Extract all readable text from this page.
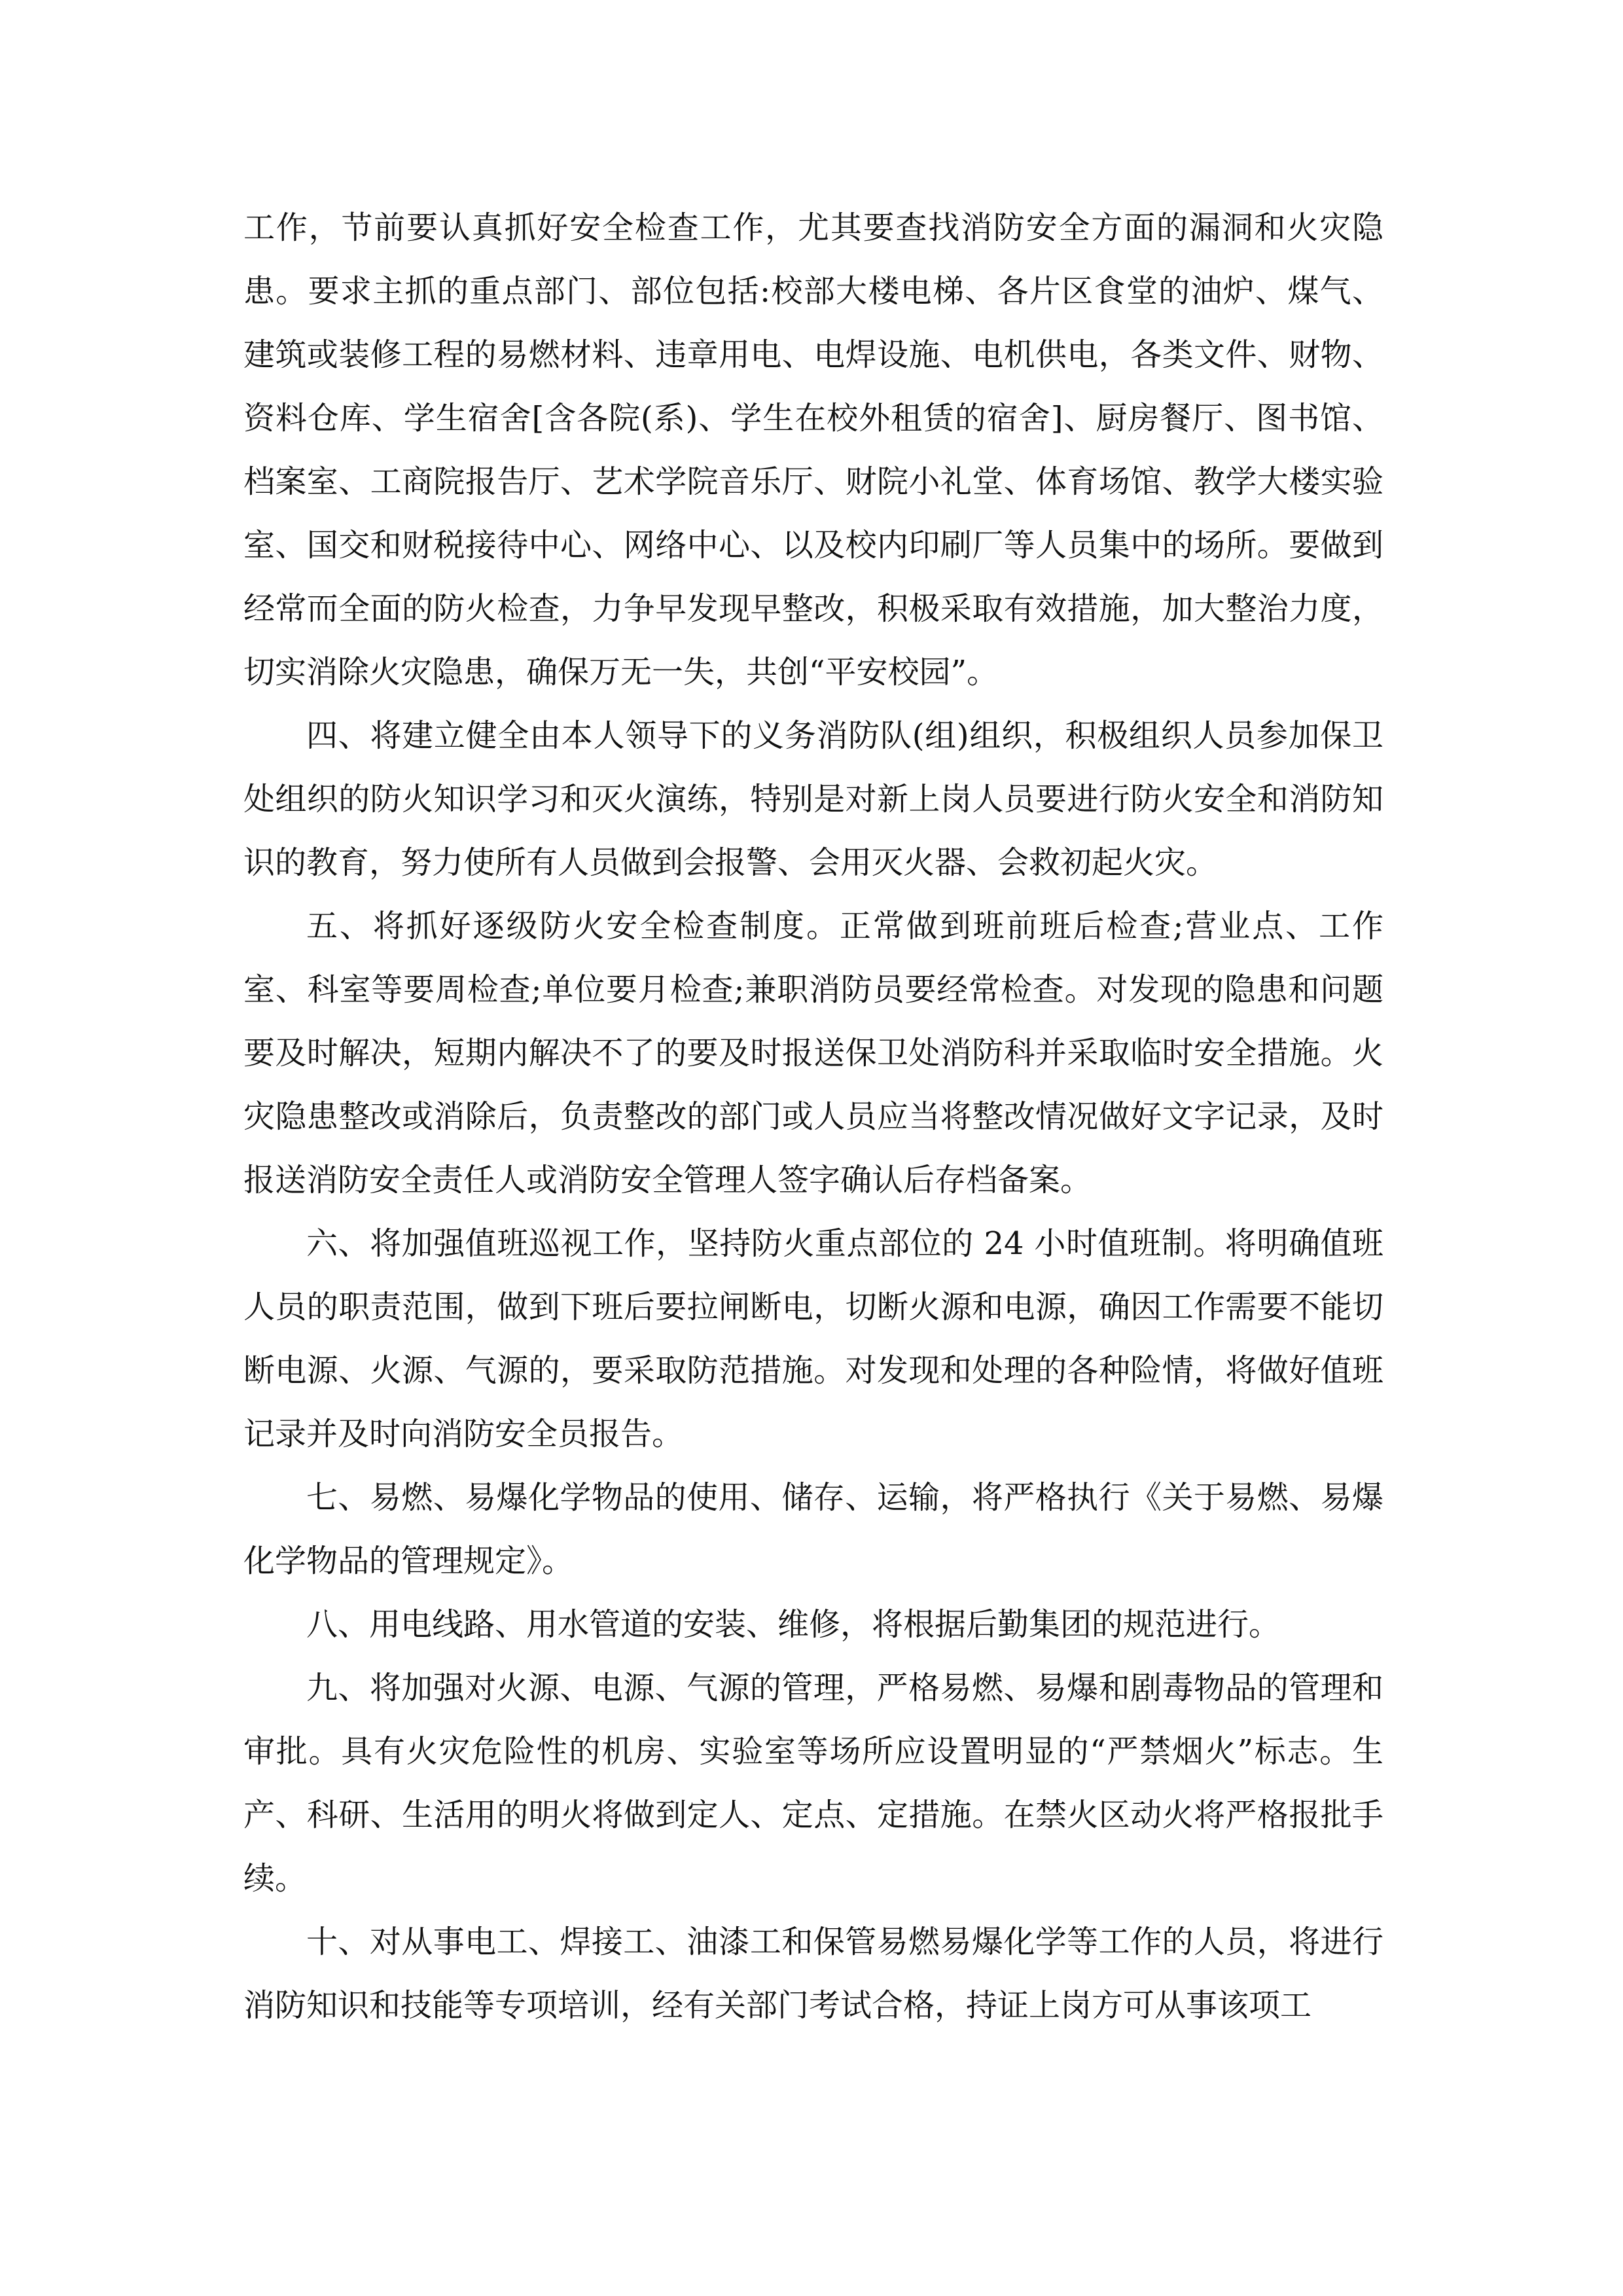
工作，节前要认真抓好安全检查工作，尤其要查找消防安全方面的漏洞和火灾隐患。要求主抓的重点部门、部位包括:校部大楼电梯、各片区食堂的油炉、煤气、建筑或装修工程的易燃材料、违章用电、电焊设施、电机供电，各类文件、财物、资料仓库、学生宿舍[含各院(系)、学生在校外租赁的宿舍]、厨房餐厅、图书馆、档案室、工商院报告厅、艺术学院音乐厅、财院小礼堂、体育场馆、教学大楼实验室、国交和财税接待中心、网络中心、以及校内印刷厂等人员集中的场所。要做到经常而全面的防火检查，力争早发现早整改，积极采取有效措施，加大整治力度，切实消除火灾隐患，确保万无一失，共创“平安校园”。

四、将建立健全由本人领导下的义务消防队(组)组织，积极组织人员参加保卫处组织的防火知识学习和灭火演练，特别是对新上岗人员要进行防火安全和消防知识的教育，努力使所有人员做到会报警、会用灭火器、会救初起火灾。

五、将抓好逐级防火安全检查制度。正常做到班前班后检查;营业点、工作室、科室等要周检查;单位要月检查;兼职消防员要经常检查。对发现的隐患和问题要及时解决，短期内解决不了的要及时报送保卫处消防科并采取临时安全措施。火灾隐患整改或消除后，负责整改的部门或人员应当将整改情况做好文字记录，及时报送消防安全责任人或消防安全管理人签字确认后存档备案。

六、将加强值班巡视工作，坚持防火重点部位的 24 小时值班制。将明确值班人员的职责范围，做到下班后要拉闸断电，切断火源和电源，确因工作需要不能切断电源、火源、气源的，要采取防范措施。对发现和处理的各种险情，将做好值班记录并及时向消防安全员报告。

七、易燃、易爆化学物品的使用、储存、运输，将严格执行《关于易燃、易爆化学物品的管理规定》。

八、用电线路、用水管道的安装、维修，将根据后勤集团的规范进行。

九、将加强对火源、电源、气源的管理，严格易燃、易爆和剧毒物品的管理和审批。具有火灾危险性的机房、实验室等场所应设置明显的“严禁烟火”标志。生产、科研、生活用的明火将做到定人、定点、定措施。在禁火区动火将严格报批手续。

十、对从事电工、焊接工、油漆工和保管易燃易爆化学等工作的人员，将进行消防知识和技能等专项培训，经有关部门考试合格，持证上岗方可从事该项工
